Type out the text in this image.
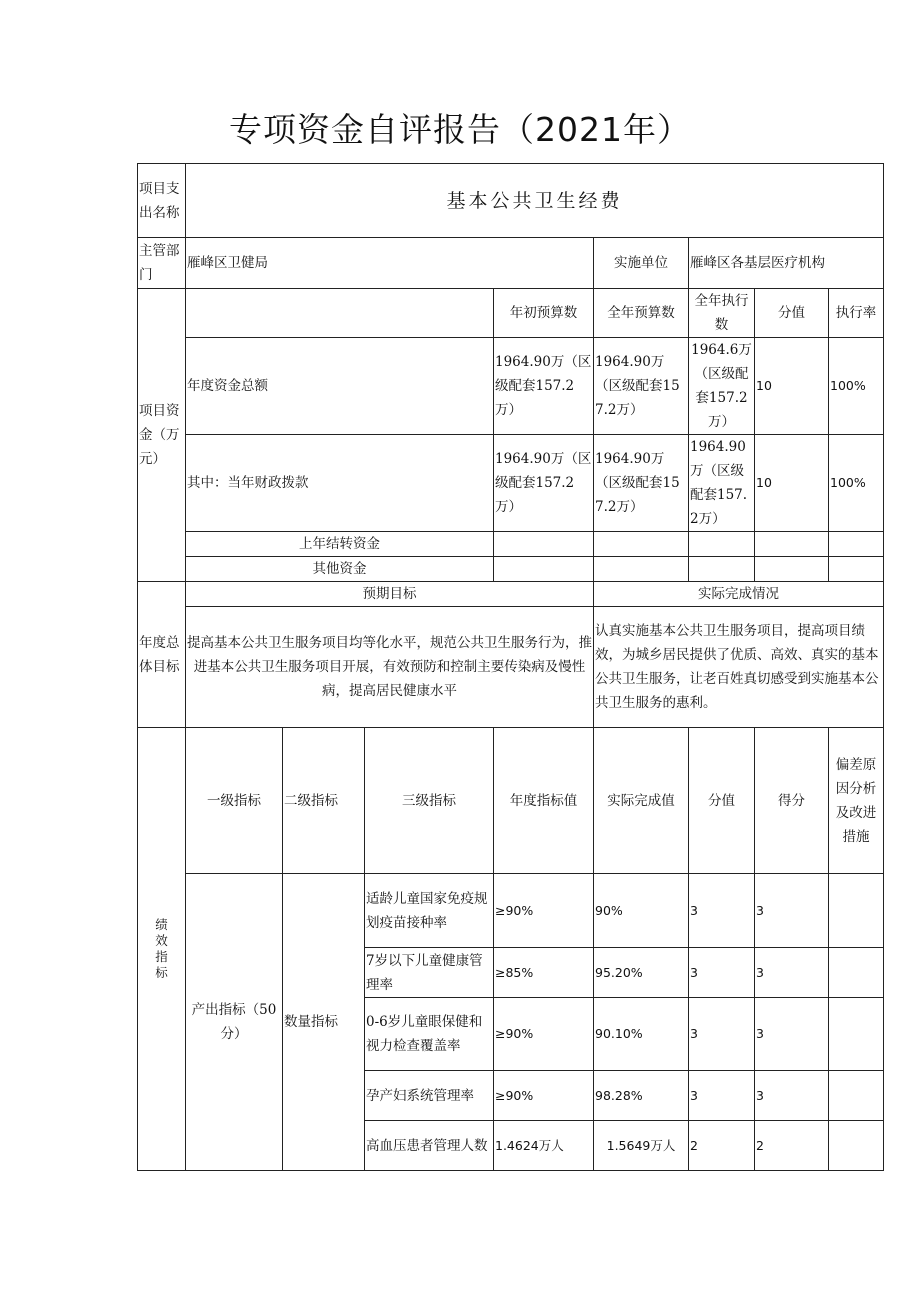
专项资金自评报告（2021年）
项目支出名称	基本公共卫生经费								
主管部门	雁峰区卫健局				实施单位	雁峰区各基层医疗机构			
项目资金（万元）				年初预算数	全年预算数	全年执行数	分值	执行率	
	年度资金总额			1964.90万（区级配套157.2万）	1964.90万（区级配套157.2万）	1964.6万（区级配套157.2万）	10	100%	
	其中：当年财政拨款			1964.90万（区级配套157.2万）	1964.90万（区级配套157.2万）	1964.90万（区级配套157.2万）	10	100%	
	上年结转资金								
	其他资金								
年度总体目标	预期目标				实际完成情况				
	提高基本公共卫生服务项目均等化水平，规范公共卫生服务行为，推进基本公共卫生服务项目开展，有效预防和控制主要传染病及慢性病，提高居民健康水平				认真实施基本公共卫生服务项目，提高项目绩效，为城乡居民提供了优质、高效、真实的基本公共卫生服务，让老百姓真切感受到实施基本公共卫生服务的惠利。				

绩
效
指
标	一级指标	二级指标	三级指标	年度指标值	实际完成值	分值	得分	偏差原因分析及改进措施	
	产出指标（50分）	数量指标	适龄儿童国家免疫规划疫苗接种率	≥90%	90%	3	3		
			7岁以下儿童健康管理率	≥85%	95.20%	3	3		
			0-6岁儿童眼保健和视力检查覆盖率	≥90%	90.10%	3	3		
			孕产妇系统管理率	≥90%	98.28%	3	3		
			高血压患者管理人数	1.4624万人	1.5649万人	2	2		
